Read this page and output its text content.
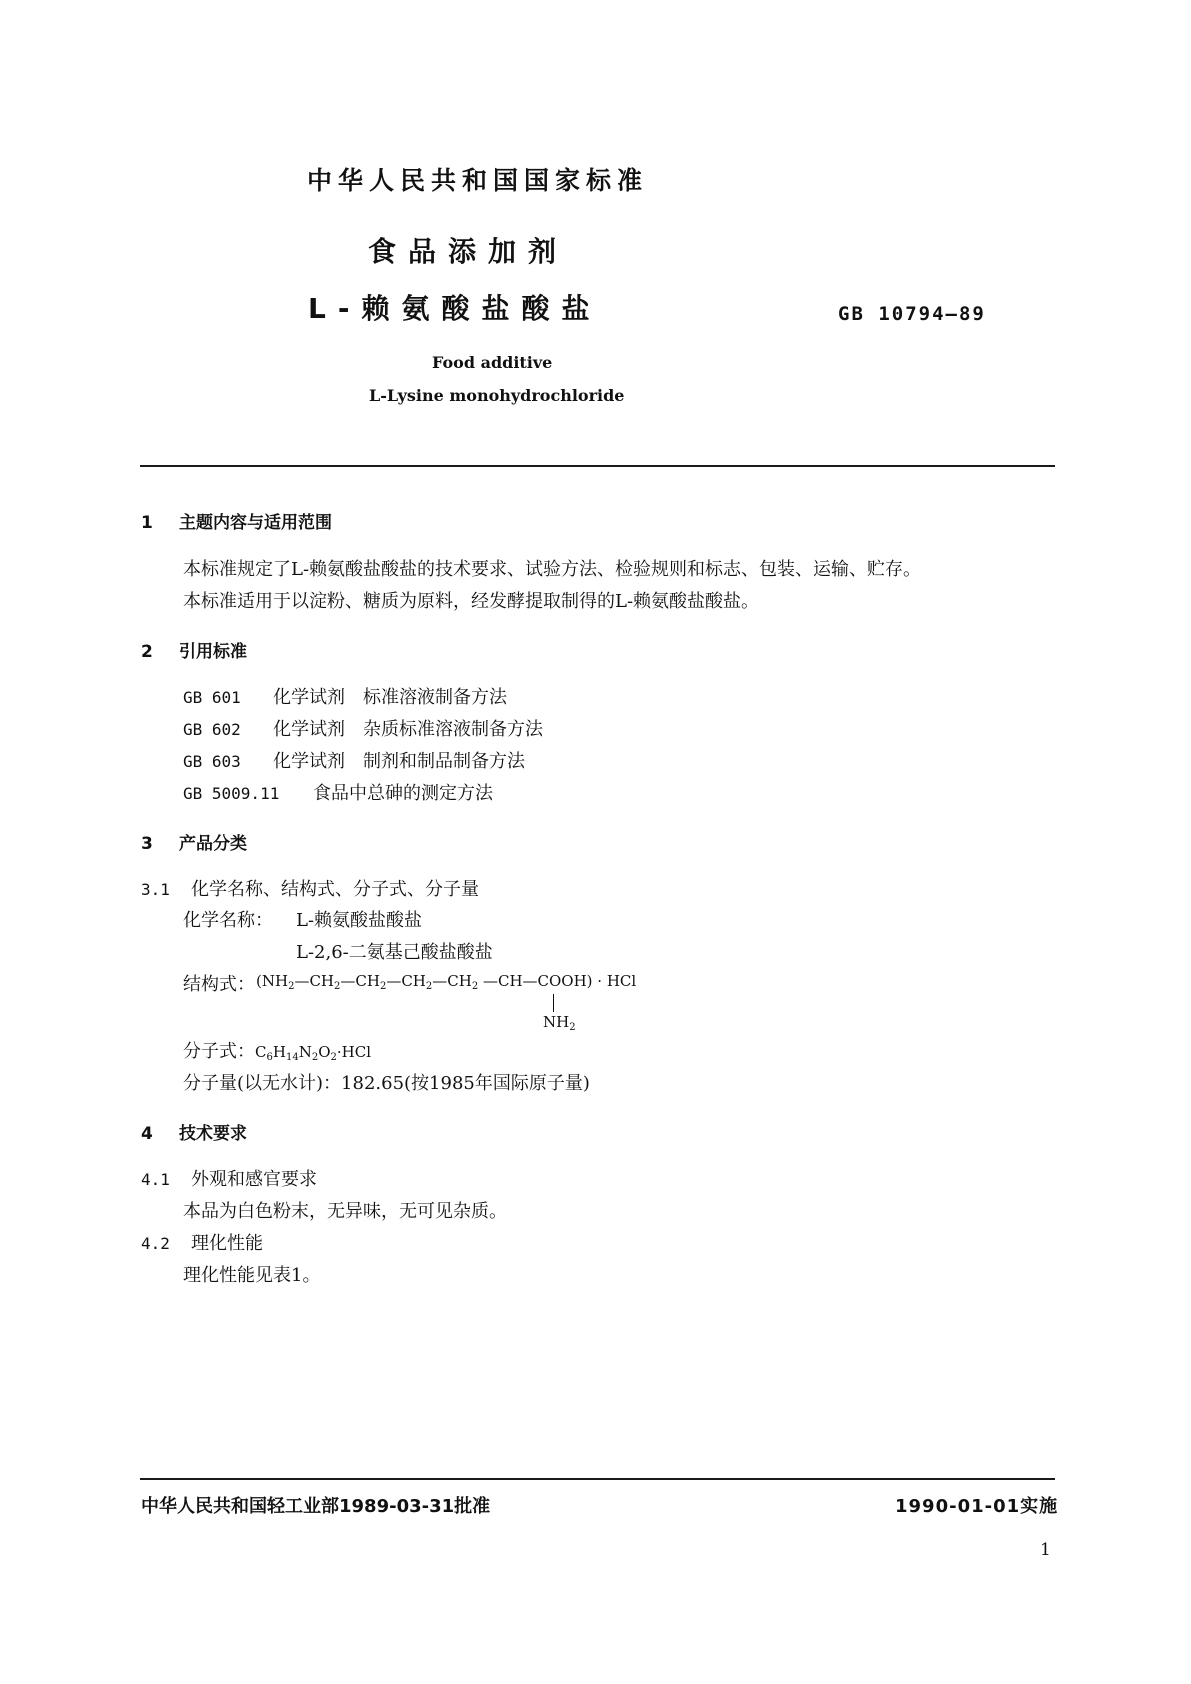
中华人民共和国国家标准
食品添加剂
L-赖氨酸盐酸盐	GB 10794—89
Food additive
L-Lysine monohydrochloride
1	主题内容与适用范围
本标准规定了L-赖氨酸盐酸盐的技术要求、试验方法、检验规则和标志、包装、运输、贮存。
本标准适用于以淀粉、糖质为原料，经发酵提取制得的L-赖氨酸盐酸盐。
2	引用标准
GB 601 化学试剂　标准溶液制备方法
GB 602 化学试剂　杂质标准溶液制备方法
GB 603 化学试剂　制剂和制品制备方法
GB 5009.11 食品中总砷的测定方法
3	产品分类
3.1	化学名称、结构式、分子式、分子量
化学名称： L-赖氨酸盐酸盐
L-2,6-二氨基己酸盐酸盐
结构式： ($NH_2—CH_2—CH_2—CH_2—CH_2$ —CH—COOH) · HCl
$NH_2$
分子式：$C_6H_{14}N_2O_2\cdot HCl$
分子量(以无水计)：182.65(按1985年国际原子量)
4	技术要求
4.1	外观和感官要求
本品为白色粉末，无异味，无可见杂质。
4.2	理化性能
理化性能见表1。
中华人民共和国轻工业部1989-03-31批准	1990-01-01实施
1
